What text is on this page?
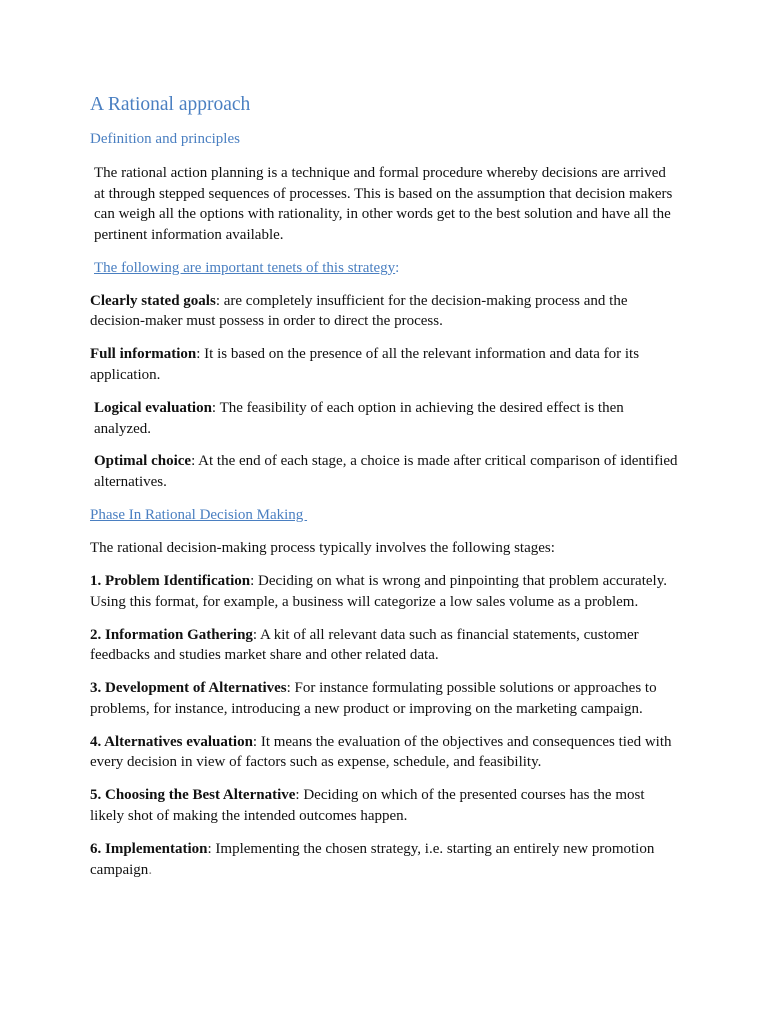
A Rational approach
Definition and principles

The rational action planning is a technique and formal procedure whereby decisions are arrived at through stepped sequences of processes. This is based on the assumption that decision makers can weigh all the options with rationality, in other words get to the best solution and have all the pertinent information available.

The following are important tenets of this strategy:

Clearly stated goals: are completely insufficient for the decision-making process and the decision-maker must possess in order to direct the process.

Full information: It is based on the presence of all the relevant information and data for its application.

Logical evaluation: The feasibility of each option in achieving the desired effect is then analyzed.

Optimal choice: At the end of each stage, a choice is made after critical comparison of identified alternatives.

Phase In Rational Decision Making

The rational decision-making process typically involves the following stages:

1. Problem Identification: Deciding on what is wrong and pinpointing that problem accurately. Using this format, for example, a business will categorize a low sales volume as a problem.

2. Information Gathering: A kit of all relevant data such as financial statements, customer feedbacks and studies market share and other related data.

3. Development of Alternatives: For instance formulating possible solutions or approaches to problems, for instance, introducing a new product or improving on the marketing campaign.

4. Alternatives evaluation: It means the evaluation of the objectives and consequences tied with every decision in view of factors such as expense, schedule, and feasibility.

5. Choosing the Best Alternative: Deciding on which of the presented courses has the most likely shot of making the intended outcomes happen.

6. Implementation: Implementing the chosen strategy, i.e. starting an entirely new promotion campaign.
